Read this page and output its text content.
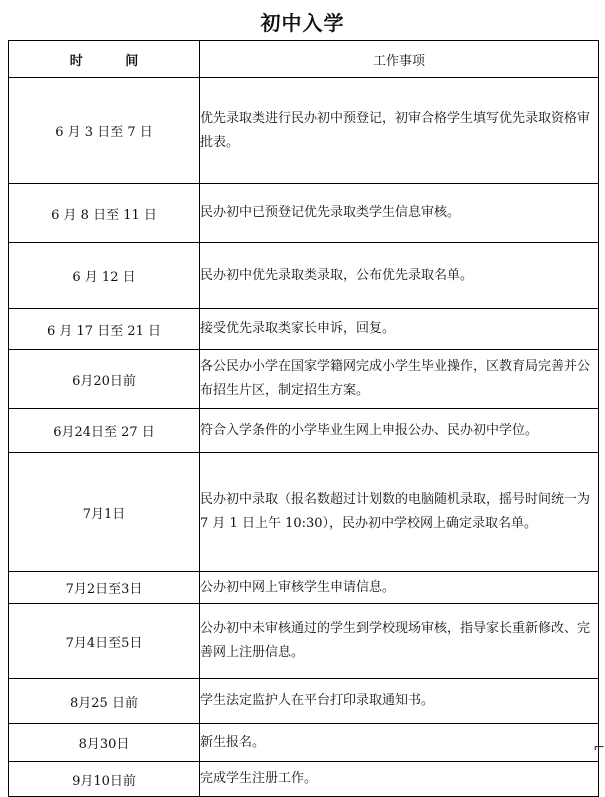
初中入学
时 间	工作事项
6 月 3 日至 7 日	优先录取类进行民办初中预登记，初审合格学生填写优先录取资格审批表。
6 月 8 日至 11 日	民办初中已预登记优先录取类学生信息审核。
6 月 12 日	民办初中优先录取类录取，公布优先录取名单。
6 月 17 日至 21 日	接受优先录取类家长申诉，回复。
6月20日前	各公民办小学在国家学籍网完成小学生毕业操作，区教育局完善并公布招生片区，制定招生方案。
6月24日至 27 日	符合入学条件的小学毕业生网上申报公办、民办初中学位。
7月1日	民办初中录取（报名数超过计划数的电脑随机录取，摇号时间统一为 7 月 1 日上午 10:30），民办初中学校网上确定录取名单。
7月2日至3日	公办初中网上审核学生申请信息。
7月4日至5日	公办初中未审核通过的学生到学校现场审核，指导家长重新修改、完善网上注册信息。
8月25 日前	学生法定监护人在平台打印录取通知书。
8月30日	新生报名。
9月10日前	完成学生注册工作。
⌐
